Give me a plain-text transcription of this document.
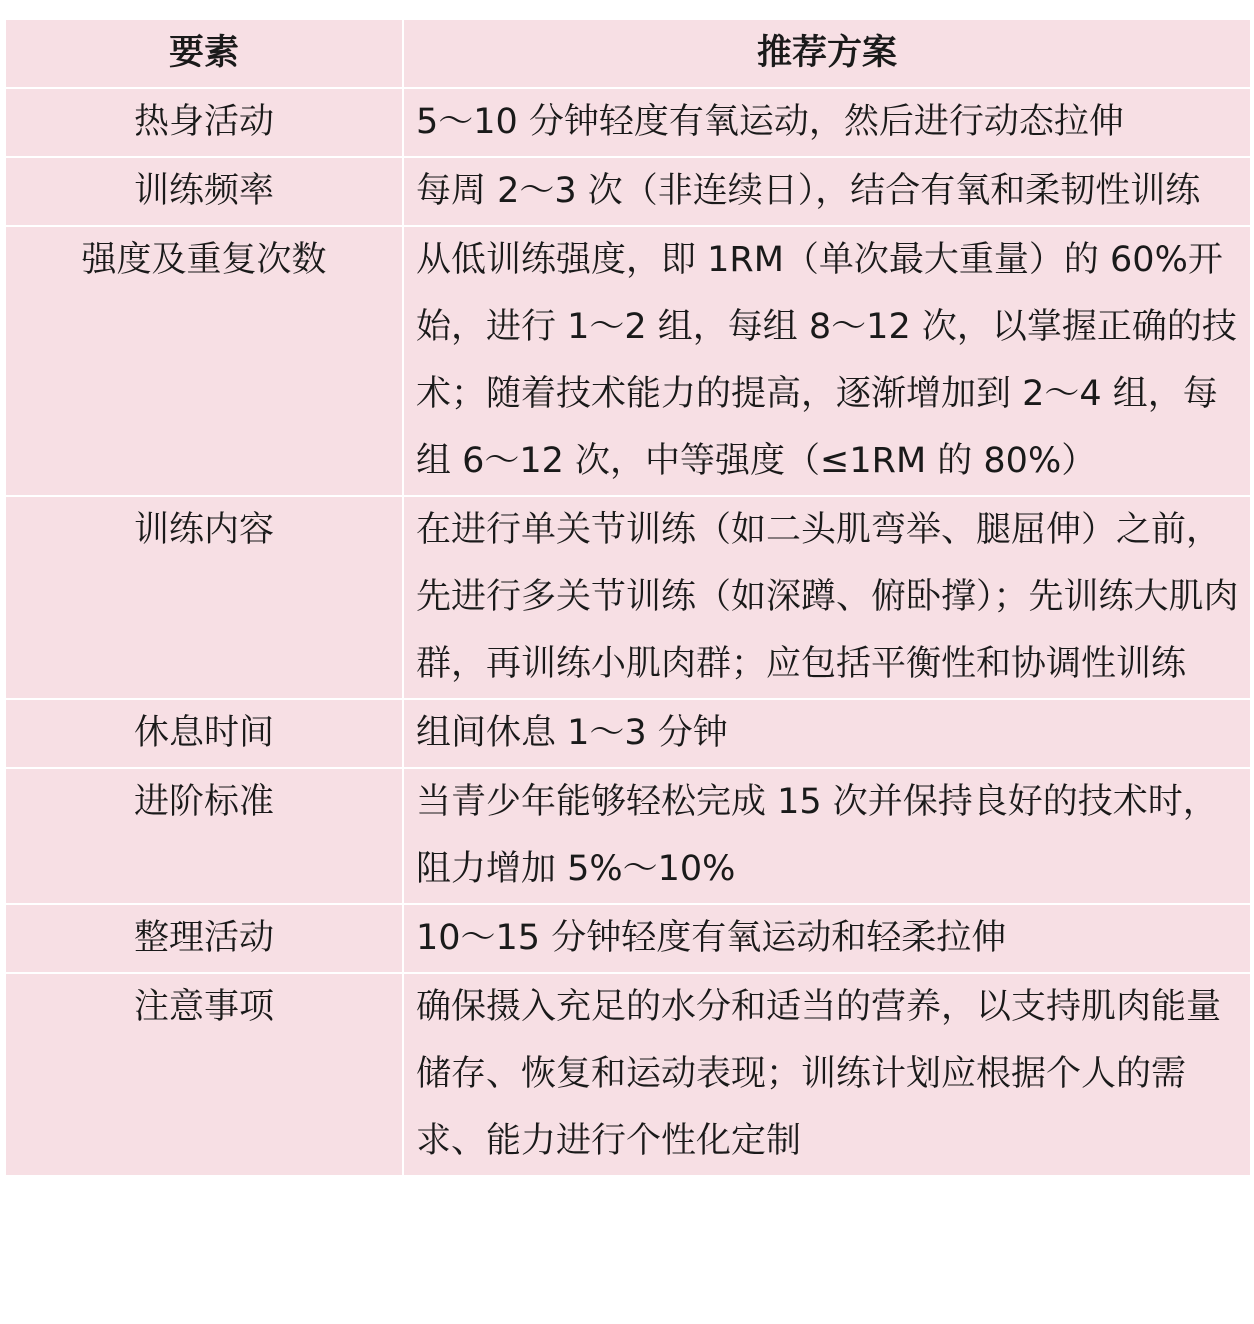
要素	推荐方案
热身活动	5～10 分钟轻度有氧运动，然后进行动态拉伸
训练频率	每周 2～3 次（非连续日），结合有氧和柔韧性训练
强度及重复次数	从低训练强度，即 1RM（单次最大重量）的 60%开始，进行 1～2 组，每组 8～12 次，以掌握正确的技术；随着技术能力的提高，逐渐增加到 2～4 组，每组 6～12 次，中等强度（≤1RM 的 80%）
训练内容	在进行单关节训练（如二头肌弯举、腿屈伸）之前，先进行多关节训练（如深蹲、俯卧撑）；先训练大肌肉群，再训练小肌肉群；应包括平衡性和协调性训练
休息时间	组间休息 1～3 分钟
进阶标准	当青少年能够轻松完成 15 次并保持良好的技术时，阻力增加 5%～10%
整理活动	10～15 分钟轻度有氧运动和轻柔拉伸
注意事项	确保摄入充足的水分和适当的营养，以支持肌肉能量储存、恢复和运动表现；训练计划应根据个人的需求、能力进行个性化定制
